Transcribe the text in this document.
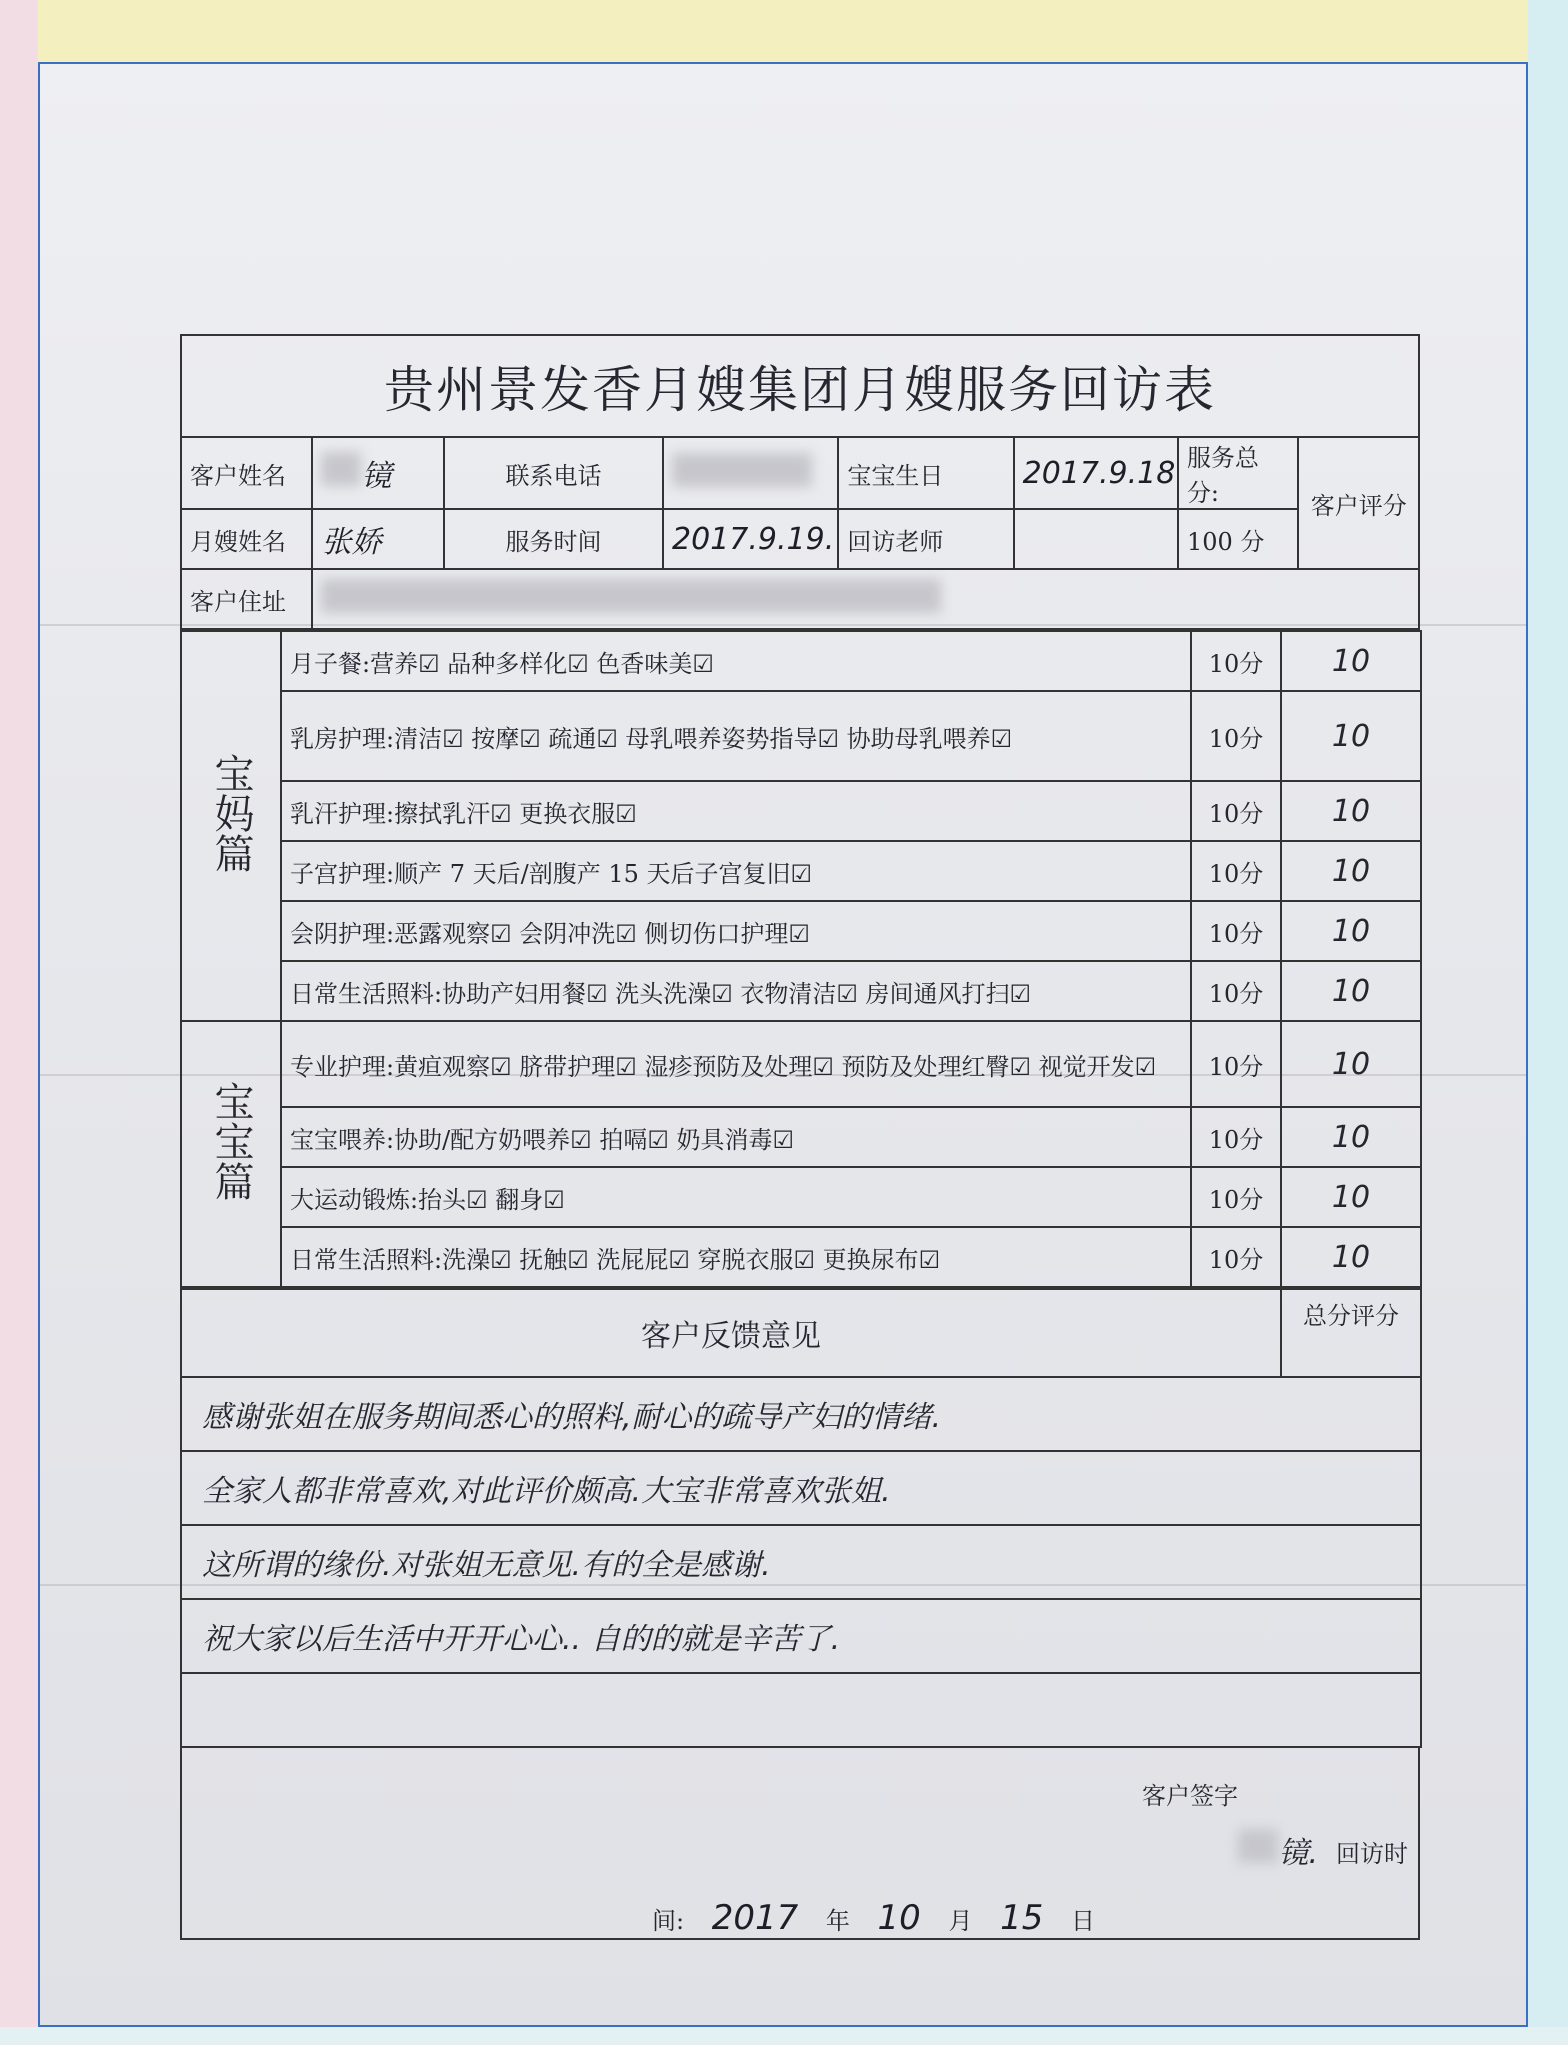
贵州景发香月嫂集团月嫂服务回访表
客户姓名	镜	联系电话		宝宝生日	2017.9.18	服务总分:	客户评分
月嫂姓名	张娇	服务时间	2017.9.19.	回访老师		100 分	
客户住址							
宝妈篇	月子餐:营养☑ 品种多样化☑ 色香味美☑	10分	10
	乳房护理:清洁☑ 按摩☑ 疏通☑ 母乳喂养姿势指导☑ 协助母乳喂养☑	10分	10
	乳汗护理:擦拭乳汗☑ 更换衣服☑	10分	10
	子宫护理:顺产 7 天后/剖腹产 15 天后子宫复旧☑	10分	10
	会阴护理:恶露观察☑ 会阴冲洗☑ 侧切伤口护理☑	10分	10
	日常生活照料:协助产妇用餐☑ 洗头洗澡☑ 衣物清洁☑ 房间通风打扫☑	10分	10
宝宝篇	专业护理:黄疸观察☑ 脐带护理☑ 湿疹预防及处理☑ 预防及处理红臀☑ 视觉开发☑	10分	10
	宝宝喂养:协助/配方奶喂养☑ 拍嗝☑ 奶具消毒☑	10分	10
	大运动锻炼:抬头☑ 翻身☑	10分	10
	日常生活照料:洗澡☑ 抚触☑ 洗屁屁☑ 穿脱衣服☑ 更换尿布☑	10分	10
客户反馈意见	总分评分
感谢张姐在服务期间悉心的照料,耐心的疏导产妇的情绪.
全家人都非常喜欢,对此评价颇高.大宝非常喜欢张姐.
这所谓的缘份.对张姐无意见.有的全是感谢.
祝大家以后生活中开开心心.. 自的的就是辛苦了.

客户签字
镜. 回访时
间: 2017 年 10 月 15 日
